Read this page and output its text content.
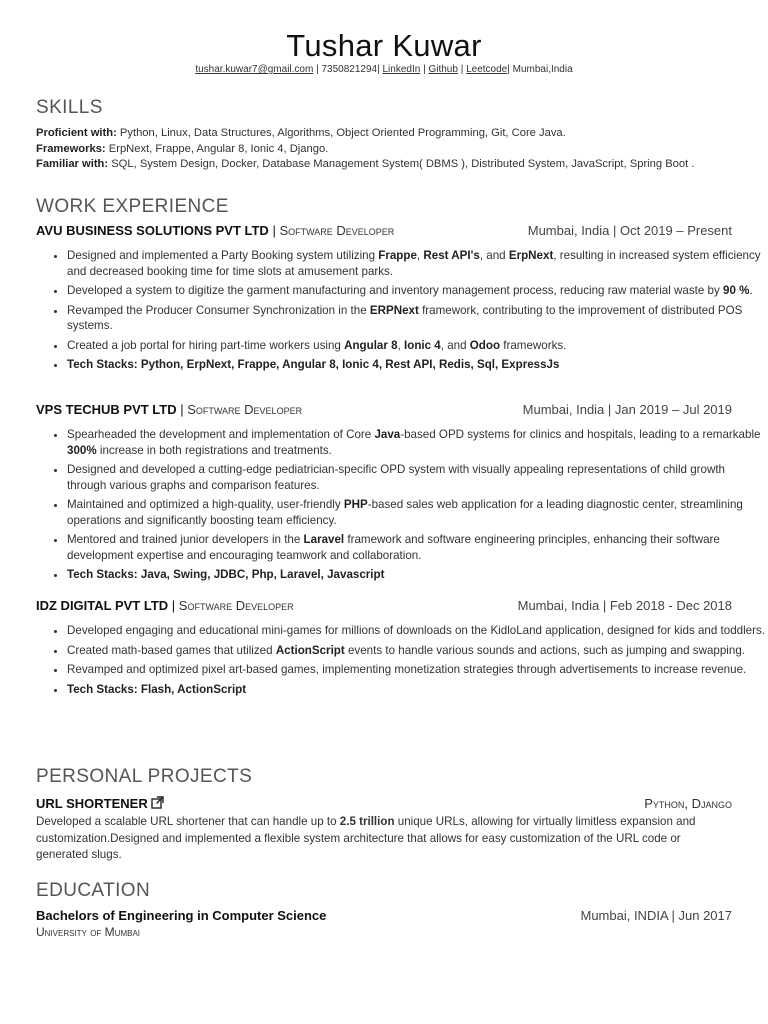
Tushar Kuwar
tushar.kuwar7@gmail.com | 7350821294| LinkedIn | Github | Leetcode| Mumbai,India
SKILLS
Proficient with: Python, Linux, Data Structures, Algorithms, Object Oriented Programming, Git, Core Java.
Frameworks: ErpNext, Frappe, Angular 8, Ionic 4, Django.
Familiar with: SQL, System Design, Docker, Database Management System( DBMS ), Distributed System, JavaScript, Spring Boot .
WORK EXPERIENCE
AVU BUSINESS SOLUTIONS PVT LTD | Software Developer	Mumbai, India | Oct 2019 – Present
• Designed and implemented a Party Booking system utilizing Frappe, Rest API's, and ErpNext, resulting in increased system efficiency and decreased booking time for time slots at amusement parks.
• Developed a system to digitize the garment manufacturing and inventory management process, reducing raw material waste by 90 %.
• Revamped the Producer Consumer Synchronization in the ERPNext framework, contributing to the improvement of distributed POS systems.
• Created a job portal for hiring part-time workers using Angular 8, Ionic 4, and Odoo frameworks.
• Tech Stacks: Python, ErpNext, Frappe, Angular 8, Ionic 4, Rest API, Redis, Sql, ExpressJs
VPS TECHUB PVT LTD | Software Developer	Mumbai, India | Jan 2019 – Jul 2019
• Spearheaded the development and implementation of Core Java-based OPD systems for clinics and hospitals, leading to a remarkable 300% increase in both registrations and treatments.
• Designed and developed a cutting-edge pediatrician-specific OPD system with visually appealing representations of child growth through various graphs and comparison features.
• Maintained and optimized a high-quality, user-friendly PHP-based sales web application for a leading diagnostic center, streamlining operations and significantly boosting team efficiency.
• Mentored and trained junior developers in the Laravel framework and software engineering principles, enhancing their software development expertise and encouraging teamwork and collaboration.
• Tech Stacks: Java, Swing, JDBC, Php, Laravel, Javascript
IDZ DIGITAL PVT LTD | Software Developer	Mumbai, India | Feb 2018 - Dec 2018
• Developed engaging and educational mini-games for millions of downloads on the KidloLand application, designed for kids and toddlers.
• Created math-based games that utilized ActionScript events to handle various sounds and actions, such as jumping and swapping.
• Revamped and optimized pixel art-based games, implementing monetization strategies through advertisements to increase revenue.
• Tech Stacks: Flash, ActionScript
PERSONAL PROJECTS
URL SHORTENER	Python, Django
Developed a scalable URL shortener that can handle up to 2.5 trillion unique URLs, allowing for virtually limitless expansion and customization.Designed and implemented a flexible system architecture that allows for easy customization of the URL code or generated slugs.
EDUCATION
Bachelors of Engineering in Computer Science	Mumbai, INDIA | Jun 2017
University of Mumbai
